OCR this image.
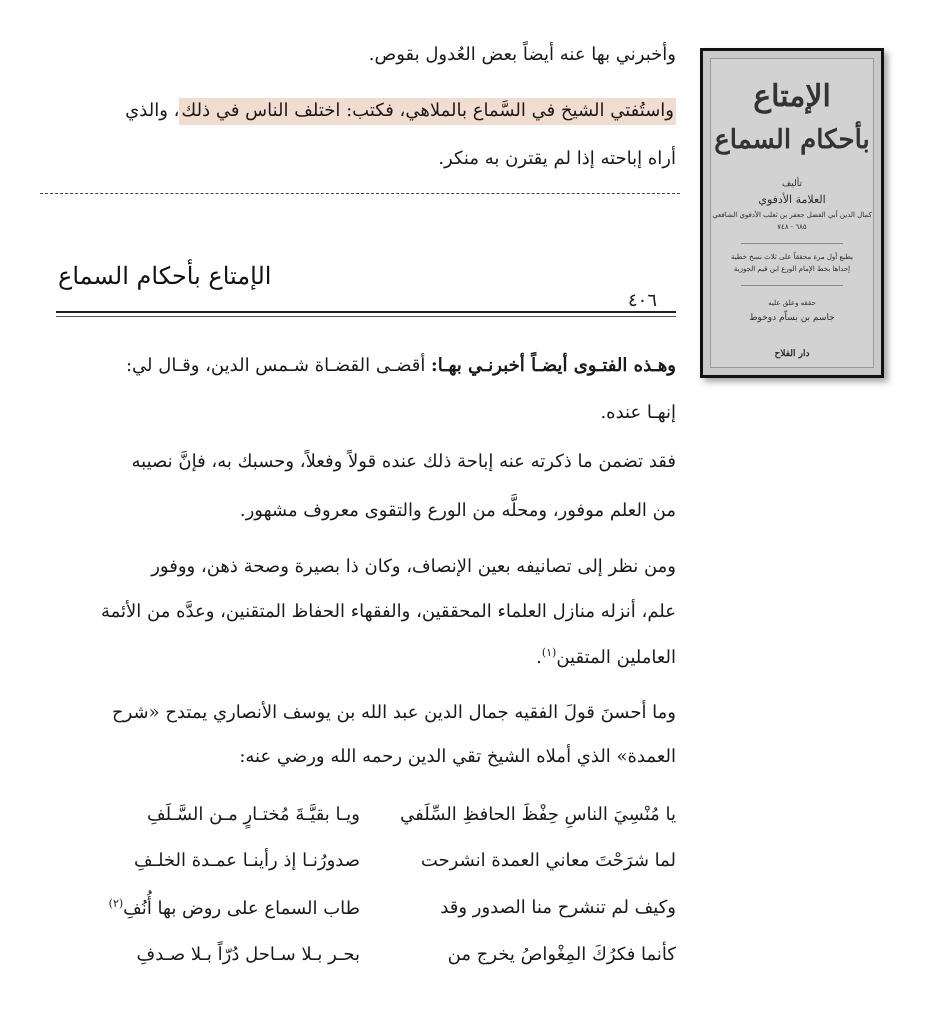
وأخبرني بها عنه أيضاً بعض العُدول بقوص.
واستُفتي الشيخ في السَّماع بالملاهي، فكتب: اختلف الناس في ذلك، والذي
أراه إباحته إذا لم يقترن به منكر.
الإمتاع بأحكام السماع
٤٠٦
وهـذه الفتـوى أيضـاً أخبرنـي بهـا: أقضـى القضـاة شـمس الدين، وقـال لي:
إنهـا عنده.
فقد تضمن ما ذكرته عنه إباحة ذلك عنده قولاً وفعلاً، وحسبك به، فإنَّ نصيبه
من العلم موفور، ومحلَّه من الورع والتقوى معروف مشهور.
ومن نظر إلى تصانيفه بعين الإنصاف، وكان ذا بصيرة وصحة ذهن، ووفور
علم، أنزله منازل العلماء المحققين، والفقهاء الحفاظ المتقنين، وعدَّه من الأئمة
العاملين المتقين$^{(١)}$.
وما أحسنَ قولَ الفقيه جمال الدين عبد الله بن يوسف الأنصاري يمتدح «شرح
العمدة» الذي أملاه الشيخ تقي الدين رحمه الله ورضي عنه:
يا مُنْسِيَ الناسِ حِفْظَ الحافظِ السِّلَفي
ويـا بقيَّـةَ مُختـارٍ مـن السَّـلَفِ
لما شرَحْتَ معاني العمدة انشرحت
صدورُنـا إذ رأينـا عمـدة الخلـفِ
وكيف لم تنشرح منا الصدور وقد
طاب السماع على روض بها أُنُفِ$^{(٢)}$
كأنما فكرُكَ المِغْواصُ يخرج من
بحـر بـلا سـاحل دُرّاً بـلا صـدفِ
الإمتاع
بأحكام السماع
تأليف
العلامة الأدفوي
كمال الدين أبي الفضل جعفر بن ثعلب الأدفوي الشافعي
٦٨٥ - ٧٤٨
يطبع أول مرة محققاً على ثلاث نسخ خطية
إحداها بخط الإمام الورع ابن قيم الجوزية
حققه وعلق عليه
جاسم بن بساّم دوخوط
دار الفلاح
